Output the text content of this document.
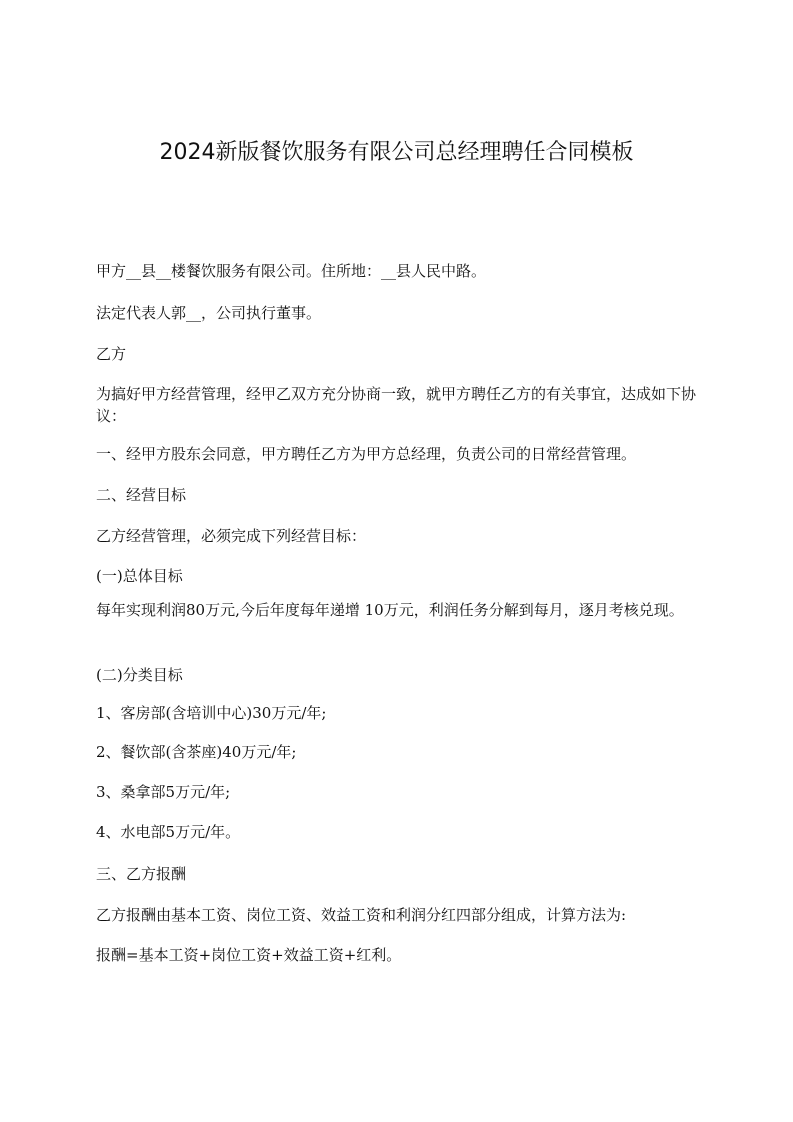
2024新版餐饮服务有限公司总经理聘任合同模板

甲方__县__楼餐饮服务有限公司。住所地：__县人民中路。

法定代表人郭__，公司执行董事。

乙方

为搞好甲方经营管理，经甲乙双方充分协商一致，就甲方聘任乙方的有关事宜，达成如下协议：

一、经甲方股东会同意，甲方聘任乙方为甲方总经理，负责公司的日常经营管理。

二、经营目标

乙方经营管理，必须完成下列经营目标：

(一)总体目标

每年实现利润80万元,今后年度每年递增 10万元，利润任务分解到每月，逐月考核兑现。

(二)分类目标

1、客房部(含培训中心)30万元/年;

2、餐饮部(含茶座)40万元/年;

3、桑拿部5万元/年;

4、水电部5万元/年。

三、乙方报酬

乙方报酬由基本工资、岗位工资、效益工资和利润分红四部分组成，计算方法为:

报酬=基本工资+岗位工资+效益工资+红利。
